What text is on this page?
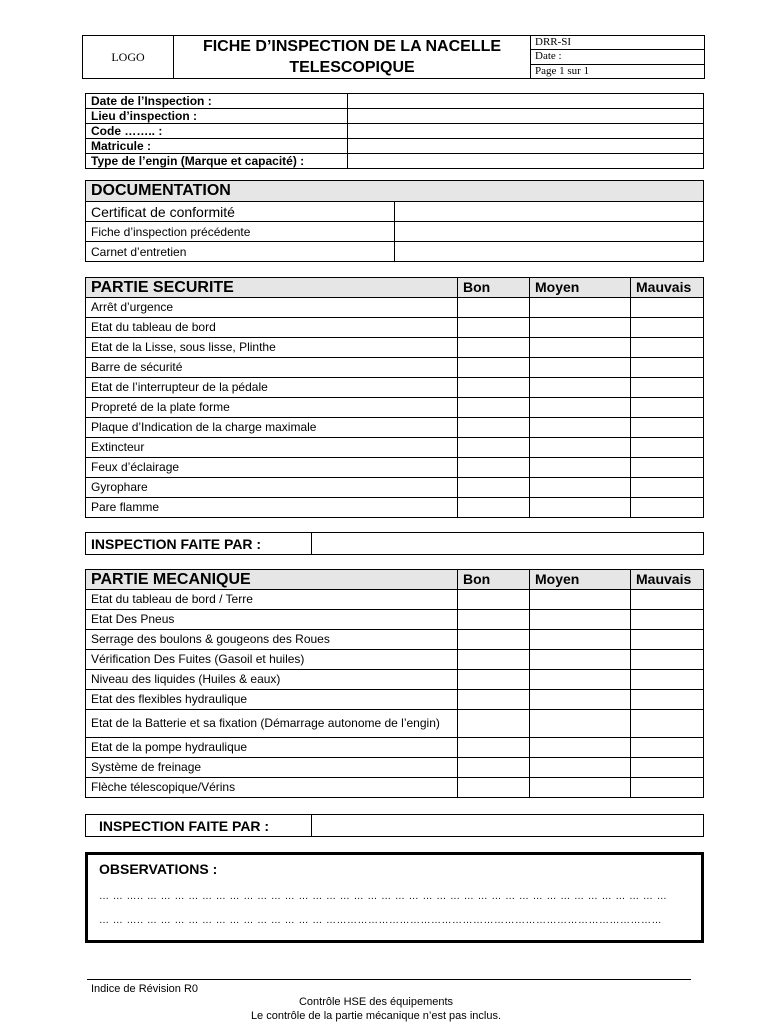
LOGO	
FICHE D’INSPECTION DE LA NACELLE
TELESCOPIQUE
	DRR-SI
Date :
Page 1 sur 1
Date de l’Inspection :	
Lieu d’inspection :	
Code …….. :	
Matricule :	
Type de l’engin (Marque et capacité) :	
DOCUMENTATION	
Certificat de conformité	
Fiche d’inspection précédente	
Carnet d’entretien	
PARTIE SECURITE	Bon	Moyen	Mauvais
Arrêt d’urgence			
Etat du tableau de bord			
Etat de la Lisse, sous lisse, Plinthe			
Barre de sécurité			
Etat de l’interrupteur de la pédale			
Propreté de la plate forme			
Plaque d’Indication de la charge maximale			
Extincteur			
Feux d’éclairage			
Gyrophare			
Pare flamme			
INSPECTION FAITE PAR :	
PARTIE MECANIQUE	Bon	Moyen	Mauvais
Etat du tableau de bord / Terre			
Etat Des Pneus			
Serrage des boulons & gougeons des Roues			
Vérification Des Fuites (Gasoil et huiles)			
Niveau des liquides (Huiles & eaux)			
Etat des flexibles hydraulique			
Etat de la Batterie et sa fixation (Démarrage autonome de l’engin)			
Etat de la pompe hydraulique			
Système de freinage			
Flèche télescopique/Vérins			
INSPECTION FAITE PAR :	
OBSERVATIONS :
… … ….. … … … … … … … … … … … … … … … … … … … … … … … … … … … … … … … … … … … … … …
… … ….. … … … … … … … … … … … … … ……………………………………………………………………………………
Indice de Révision R0
Contrôle HSE des équipements
Le contrôle de la partie mécanique n’est pas inclus.
